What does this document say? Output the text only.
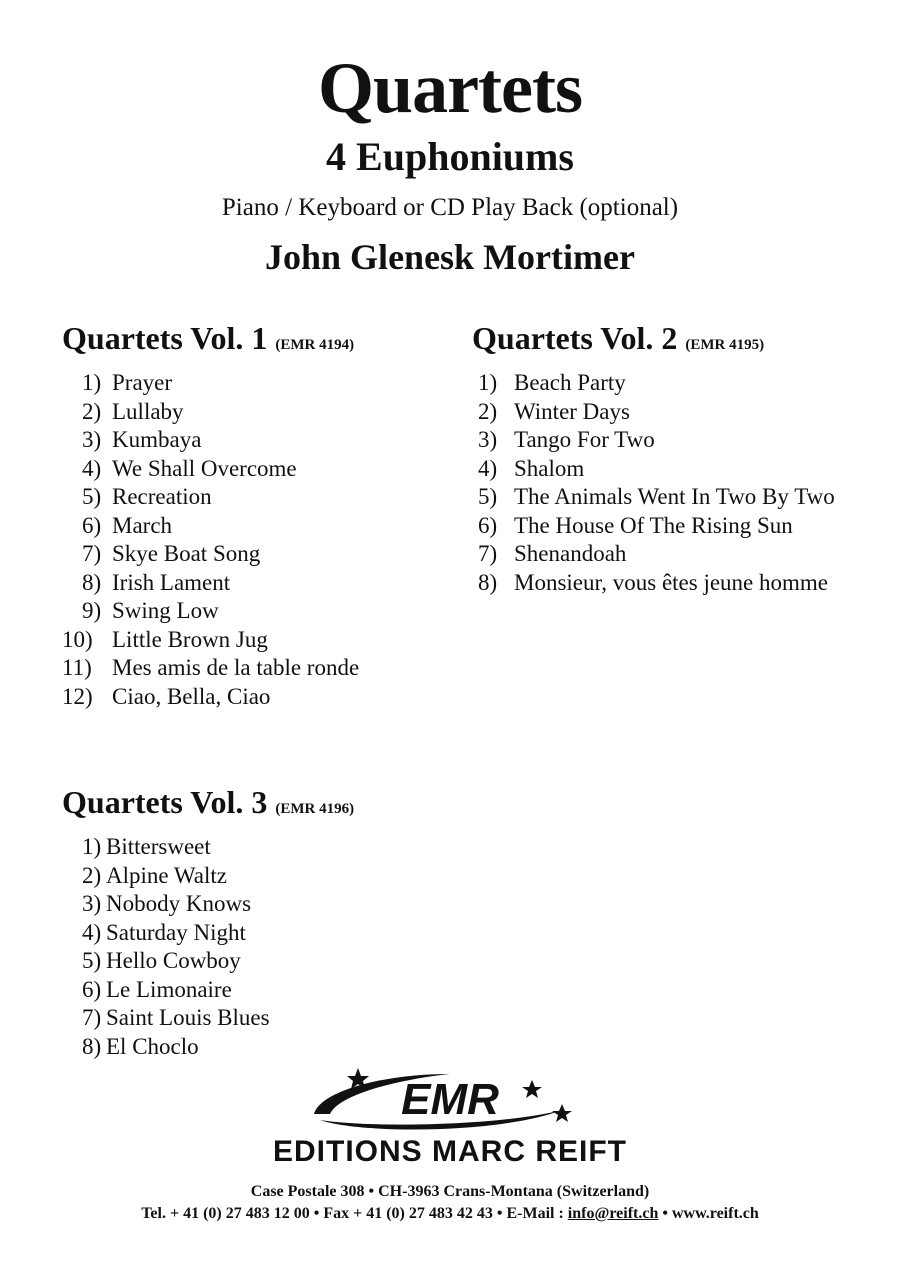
Quartets
4 Euphoniums
Piano / Keyboard or CD Play Back (optional)
John Glenesk Mortimer
Quartets Vol. 1 (EMR 4194)
1) Prayer
2) Lullaby
3) Kumbaya
4) We Shall Overcome
5) Recreation
6) March
7) Skye Boat Song
8) Irish Lament
9) Swing Low
10) Little Brown Jug
11) Mes amis de la table ronde
12) Ciao, Bella, Ciao
Quartets Vol. 2 (EMR 4195)
1) Beach Party
2) Winter Days
3) Tango For Two
4) Shalom
5) The Animals Went In Two By Two
6) The House Of The Rising Sun
7) Shenandoah
8) Monsieur, vous êtes jeune homme
Quartets Vol. 3 (EMR 4196)
1) Bittersweet
2) Alpine Waltz
3) Nobody Knows
4) Saturday Night
5) Hello Cowboy
6) Le Limonaire
7) Saint Louis Blues
8) El Choclo
EMR
EDITIONS MARC REIFT
Case Postale 308 • CH-3963 Crans-Montana (Switzerland)
Tel. + 41 (0) 27 483 12 00 • Fax + 41 (0) 27 483 42 43 • E-Mail : info@reift.ch • www.reift.ch
